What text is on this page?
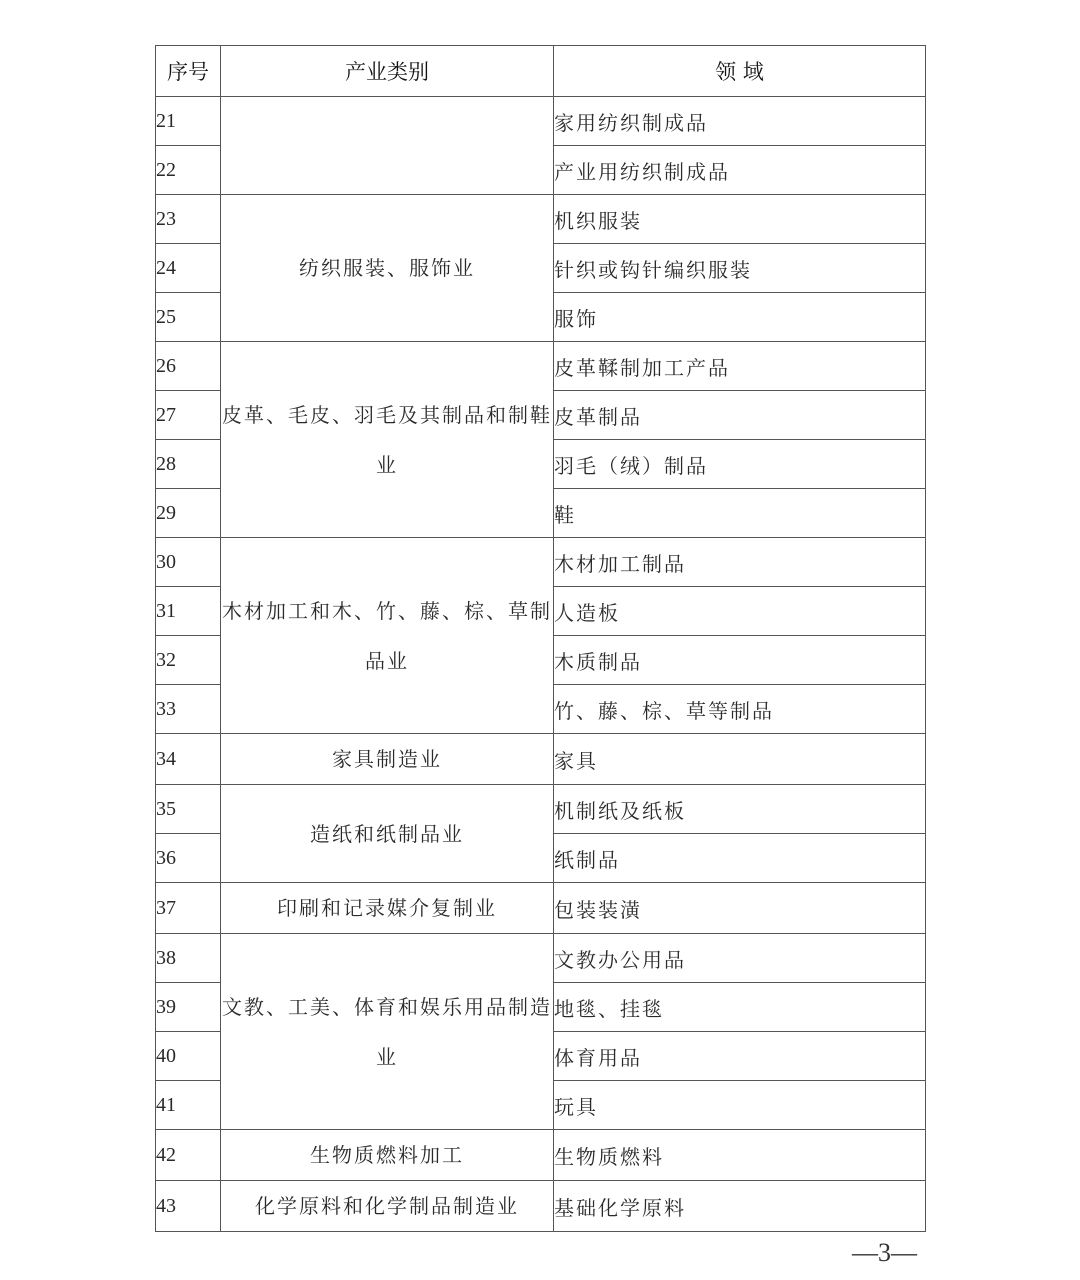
序号	产业类别	领 域
21		家用纺织制成品
22		产业用纺织制成品
23	纺织服装、服饰业	机织服装
24		针织或钩针编织服装
25		服饰
26	皮革、毛皮、羽毛及其制品和制鞋业	皮革鞣制加工产品
27		皮革制品
28		羽毛（绒）制品
29		鞋
30	木材加工和木、竹、藤、棕、草制品业	木材加工制品
31		人造板
32		木质制品
33		竹、藤、棕、草等制品
34	家具制造业	家具
35	造纸和纸制品业	机制纸及纸板
36		纸制品
37	印刷和记录媒介复制业	包装装潢
38	文教、工美、体育和娱乐用品制造业	文教办公用品
39		地毯、挂毯
40		体育用品
41		玩具
42	生物质燃料加工	生物质燃料
43	化学原料和化学制品制造业	基础化学原料
—3—
